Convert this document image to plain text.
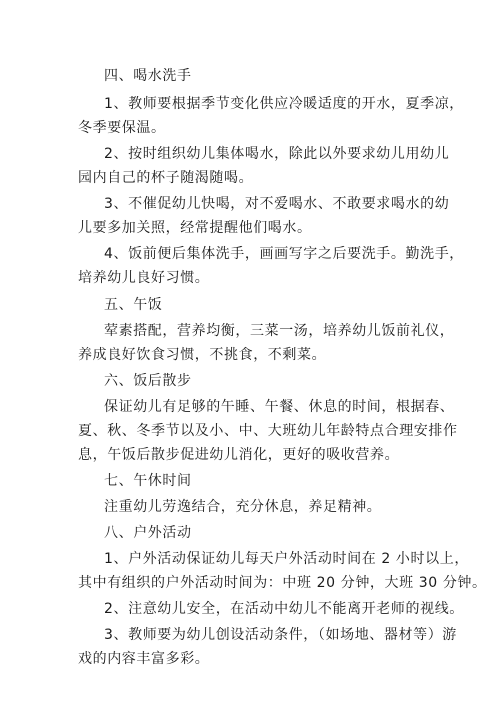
四、喝水洗手
1、教师要根据季节变化供应冷暖适度的开水，夏季凉，
冬季要保温。
2、按时组织幼儿集体喝水，除此以外要求幼儿用幼儿
园内自己的杯子随渴随喝。
3、不催促幼儿快喝，对不爱喝水、不敢要求喝水的幼
儿要多加关照，经常提醒他们喝水。
4、饭前便后集体洗手，画画写字之后要洗手。勤洗手，
培养幼儿良好习惯。
五、午饭
荤素搭配，营养均衡，三菜一汤，培养幼儿饭前礼仪，
养成良好饮食习惯，不挑食，不剩菜。
六、饭后散步
保证幼儿有足够的午睡、午餐、休息的时间，根据春、
夏、秋、冬季节以及小、中、大班幼儿年龄特点合理安排作
息，午饭后散步促进幼儿消化，更好的吸收营养。
七、午休时间
注重幼儿劳逸结合，充分休息，养足精神。
八、户外活动
1、户外活动保证幼儿每天户外活动时间在 2 小时以上，
其中有组织的户外活动时间为：中班 20 分钟，大班 30 分钟。
2、注意幼儿安全，在活动中幼儿不能离开老师的视线。
3、教师要为幼儿创设活动条件，（如场地、器材等）游
戏的内容丰富多彩。
